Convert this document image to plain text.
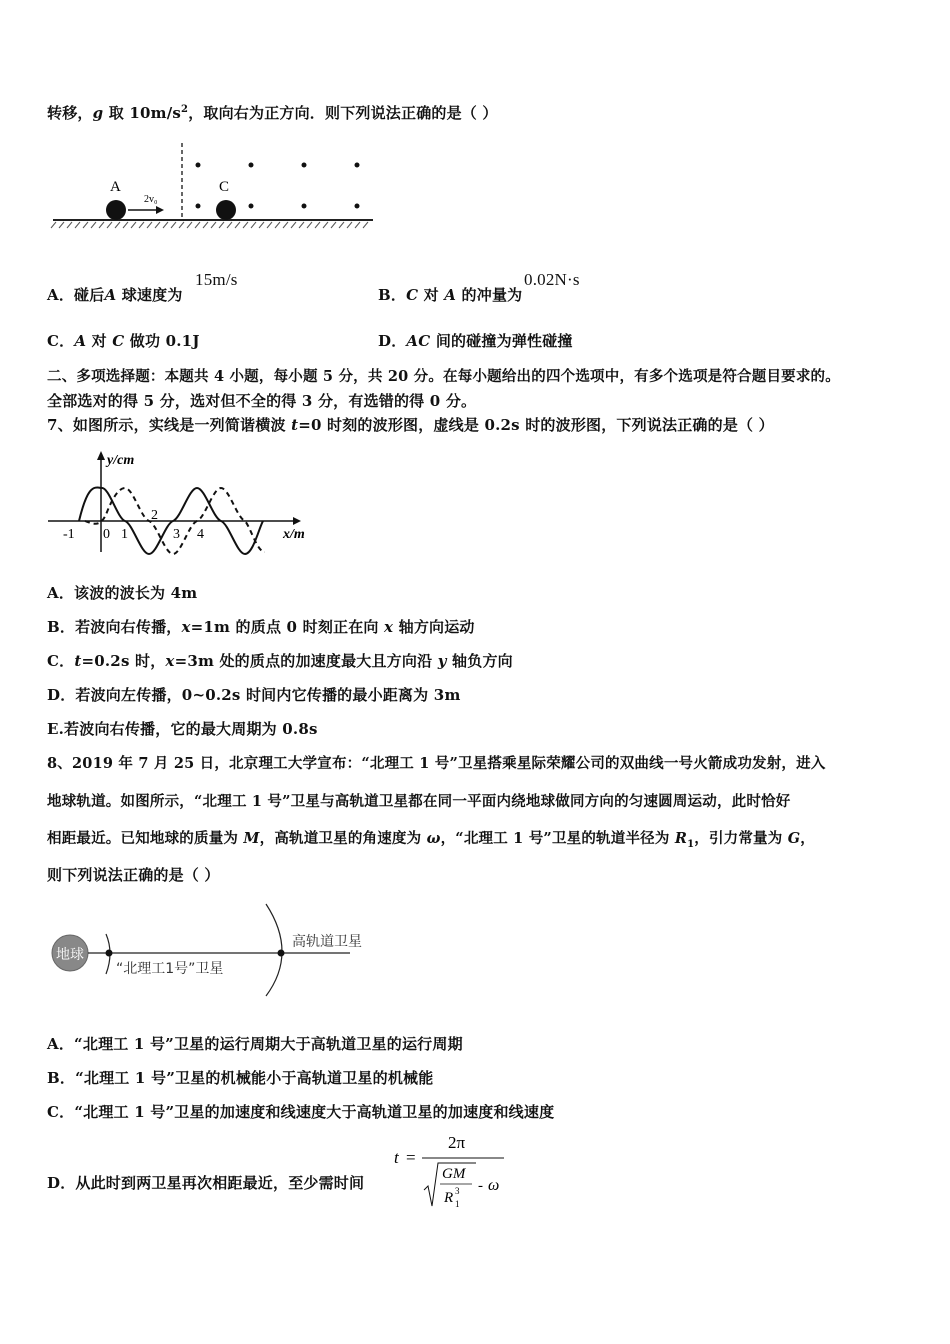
转移，g 取 $10m/s^2$，取向右为正方向．则下列说法正确的是（ ）
A	C
2v₀
A．碰后A 球速度为
15m/s
B．C 对 A 的冲量为
0.02N·s
C．A 对 C 做功 0.1J	D．AC 间的碰撞为弹性碰撞
二、多项选择题：本题共 4 小题，每小题 5 分，共 20 分。在每小题给出的四个选项中，有多个选项是符合题目要求的。
全部选对的得 5 分，选对但不全的得 3 分，有选错的得 0 分。
7、如图所示，实线是一列简谐横波 t=0 时刻的波形图，虚线是 0.2s 时的波形图，下列说法正确的是（ ）
y/cm
x/m
-1 0 1
2
3 4
A．该波的波长为 4m
B．若波向右传播，x=1m 的质点 0 时刻正在向 x 轴方向运动
C．t=0.2s 时，x=3m 处的质点的加速度最大且方向沿 y 轴负方向
D．若波向左传播，0~0.2s 时间内它传播的最小距离为 3m
E.若波向右传播，它的最大周期为 0.8s
8、2019 年 7 月 25 日，北京理工大学宣布：“北理工 1 号”卫星搭乘星际荣耀公司的双曲线一号火箭成功发射，进入
地球轨道。如图所示，“北理工 1 号”卫星与高轨道卫星都在同一平面内绕地球做同方向的匀速圆周运动，此时恰好
相距最近。已知地球的质量为 M，高轨道卫星的角速度为 ω，“北理工 1 号”卫星的轨道半径为 $R_1$，引力常量为 G，
则下列说法正确的是（ ）
地球
高轨道卫星
“北理工1号”卫星
A．“北理工 1 号”卫星的运行周期大于高轨道卫星的运行周期
B．“北理工 1 号”卫星的机械能小于高轨道卫星的机械能
C．“北理工 1 号”卫星的加速度和线速度大于高轨道卫星的加速度和线速度
D．从此时到两卫星再次相距最近，至少需时间
t =
2π
GM
R 3
1
- ω
